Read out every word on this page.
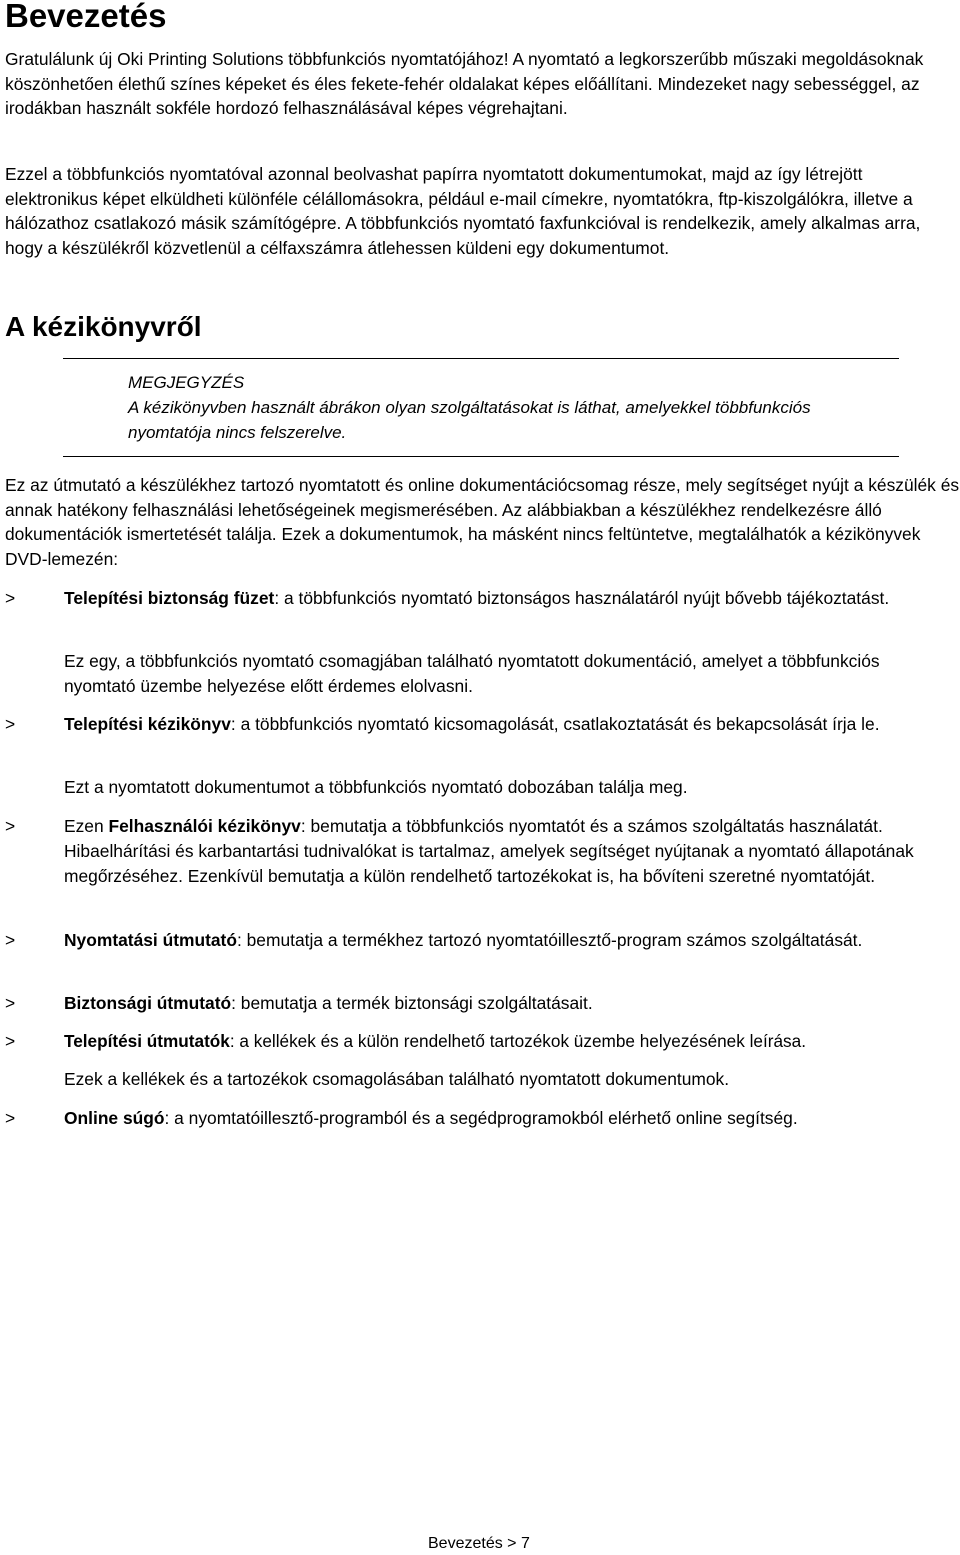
Bevezetés

Gratulálunk új Oki Printing Solutions többfunkciós nyomtatójához! A nyomtató a legkorszerűbb műszaki megoldásoknak köszönhetően élethű színes képeket és éles fekete-fehér oldalakat képes előállítani. Mindezeket nagy sebességgel, az irodákban használt sokféle hordozó felhasználásával képes végrehajtani.

Ezzel a többfunkciós nyomtatóval azonnal beolvashat papírra nyomtatott dokumentumokat, majd az így létrejött elektronikus képet elküldheti különféle célállomásokra, például e-mail címekre, nyomtatókra, ftp-kiszolgálókra, illetve a hálózathoz csatlakozó másik számítógépre. A többfunkciós nyomtató faxfunkcióval is rendelkezik, amely alkalmas arra, hogy a készülékről közvetlenül a célfaxszámra átlehessen küldeni egy dokumentumot.

A kézikönyvről
MEGJEGYZÉS
A kézikönyvben használt ábrákon olyan szolgáltatásokat is láthat, amelyekkel többfunkciós nyomtatója nincs felszerelve.

Ez az útmutató a készülékhez tartozó nyomtatott és online dokumentációcsomag része, mely segítséget nyújt a készülék és annak hatékony felhasználási lehetőségeinek megismerésében. Az alábbiakban a készülékhez rendelkezésre álló dokumentációk ismertetését találja. Ezek a dokumentumok, ha másként nincs feltüntetve, megtalálhatók a kézikönyvek DVD-lemezén:

>	Telepítési biztonság füzet: a többfunkciós nyomtató biztonságos használatáról nyújt bővebb tájékoztatást.

Ez egy, a többfunkciós nyomtató csomagjában található nyomtatott dokumentáció, amelyet a többfunkciós nyomtató üzembe helyezése előtt érdemes elolvasni.

>	Telepítési kézikönyv: a többfunkciós nyomtató kicsomagolását, csatlakoztatását és bekapcsolását írja le.

Ezt a nyomtatott dokumentumot a többfunkciós nyomtató dobozában találja meg.

>	Ezen Felhasználói kézikönyv: bemutatja a többfunkciós nyomtatót és a számos szolgáltatás használatát. Hibaelhárítási és karbantartási tudnivalókat is tartalmaz, amelyek segítséget nyújtanak a nyomtató állapotának megőrzéséhez. Ezenkívül bemutatja a külön rendelhető tartozékokat is, ha bővíteni szeretné nyomtatóját.

>	Nyomtatási útmutató: bemutatja a termékhez tartozó nyomtatóillesztő-program számos szolgáltatását.

>	Biztonsági útmutató: bemutatja a termék biztonsági szolgáltatásait.

>	Telepítési útmutatók: a kellékek és a külön rendelhető tartozékok üzembe helyezésének leírása.

Ezek a kellékek és a tartozékok csomagolásában található nyomtatott dokumentumok.

>	Online súgó: a nyomtatóillesztő-programból és a segédprogramokból elérhető online segítség.

Bevezetés > 7
